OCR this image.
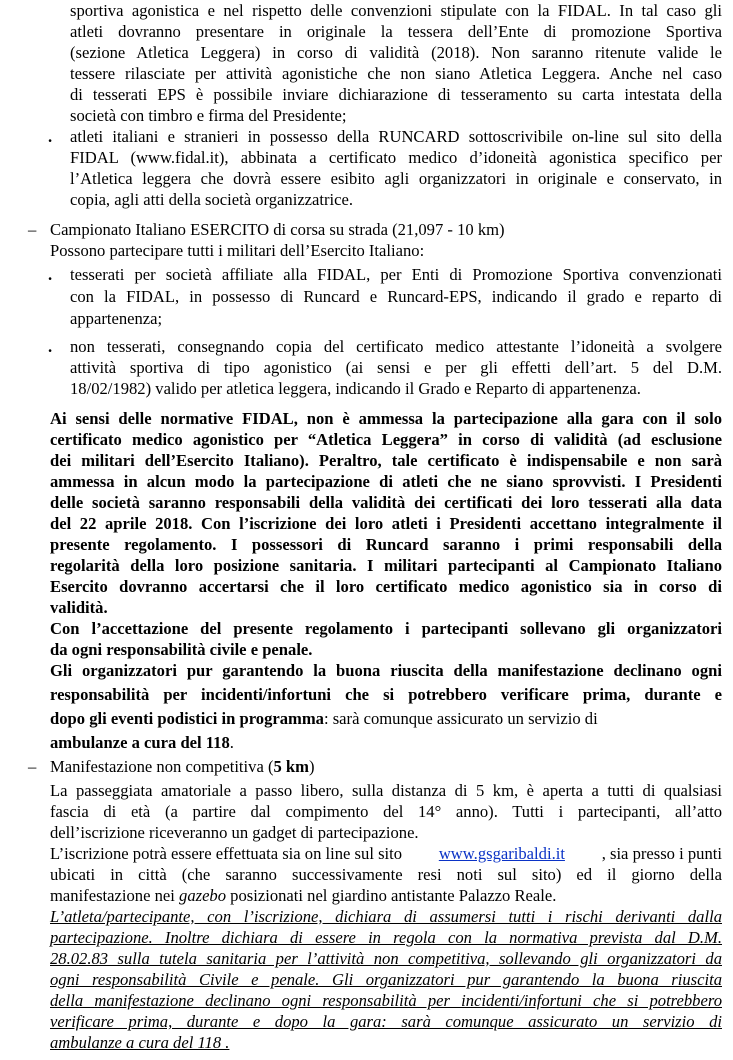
sportiva agonistica e nel rispetto delle convenzioni stipulate con la FIDAL. In tal caso gli
atleti dovranno presentare in originale la tessera dell’Ente di promozione Sportiva
(sezione Atletica Leggera) in corso di validità (2018). Non saranno ritenute valide le
tessere rilasciate per attività agonistiche che non siano Atletica Leggera. Anche nel caso
di tesserati EPS è possibile inviare dichiarazione di tesseramento su carta intestata della
società con timbro e firma del Presidente;
. atleti italiani e stranieri in possesso della RUNCARD sottoscrivibile on-line sul sito della
FIDAL (www.fidal.it), abbinata a certificato medico d’idoneità agonistica specifico per
l’Atletica leggera che dovrà essere esibito agli organizzatori in originale e conservato, in
copia, agli atti della società organizzatrice.
– Campionato Italiano ESERCITO di corsa su strada (21,097 - 10 km)
Possono partecipare tutti i militari dell’Esercito Italiano:
. tesserati per società affiliate alla FIDAL, per Enti di Promozione Sportiva convenzionati
con la FIDAL, in possesso di Runcard e Runcard-EPS, indicando il grado e reparto di
appartenenza;
. non tesserati, consegnando copia del certificato medico attestante l’idoneità a svolgere
attività sportiva di tipo agonistico (ai sensi e per gli effetti dell’art. 5 del D.M.
18/02/1982) valido per atletica leggera, indicando il Grado e Reparto di appartenenza.
Ai sensi delle normative FIDAL, non è ammessa la partecipazione alla gara con il solo
certificato medico agonistico per “Atletica Leggera” in corso di validità (ad esclusione
dei militari dell’Esercito Italiano). Peraltro, tale certificato è indispensabile e non sarà
ammessa in alcun modo la partecipazione di atleti che ne siano sprovvisti. I Presidenti
delle società saranno responsabili della validità dei certificati dei loro tesserati alla data
del 22 aprile 2018. Con l’iscrizione dei loro atleti i Presidenti accettano integralmente il
presente regolamento. I possessori di Runcard saranno i primi responsabili della
regolarità della loro posizione sanitaria. I militari partecipanti al Campionato Italiano
Esercito dovranno accertarsi che il loro certificato medico agonistico sia in corso di
validità.
Con l’accettazione del presente regolamento i partecipanti sollevano gli organizzatori
da ogni responsabilità civile e penale.
Gli organizzatori pur garantendo la buona riuscita della manifestazione declinano ogni
responsabilità per incidenti/infortuni che si potrebbero verificare prima, durante e
dopo gli eventi podistici in programma: sarà comunque assicurato un servizio di
ambulanze a cura del 118.
– Manifestazione non competitiva (5 km)
La passeggiata amatoriale a passo libero, sulla distanza di 5 km, è aperta a tutti di qualsiasi
fascia di età (a partire dal compimento del 14° anno). Tutti i partecipanti, all’atto
dell’iscrizione riceveranno un gadget di partecipazione.
L’iscrizione potrà essere effettuata sia on line sul sito www.gsgaribaldi.it , sia presso i punti
ubicati in città (che saranno successivamente resi noti sul sito) ed il giorno della
manifestazione nei gazebo posizionati nel giardino antistante Palazzo Reale.
L’atleta/partecipante, con l’iscrizione, dichiara di assumersi tutti i rischi derivanti dalla
partecipazione. Inoltre dichiara di essere in regola con la normativa prevista dal D.M.
28.02.83 sulla tutela sanitaria per l’attività non competitiva, sollevando gli organizzatori da
ogni responsabilità Civile e penale. Gli organizzatori pur garantendo la buona riuscita
della manifestazione declinano ogni responsabilità per incidenti/infortuni che si potrebbero
verificare prima, durante e dopo la gara: sarà comunque assicurato un servizio di
ambulanze a cura del 118 .
